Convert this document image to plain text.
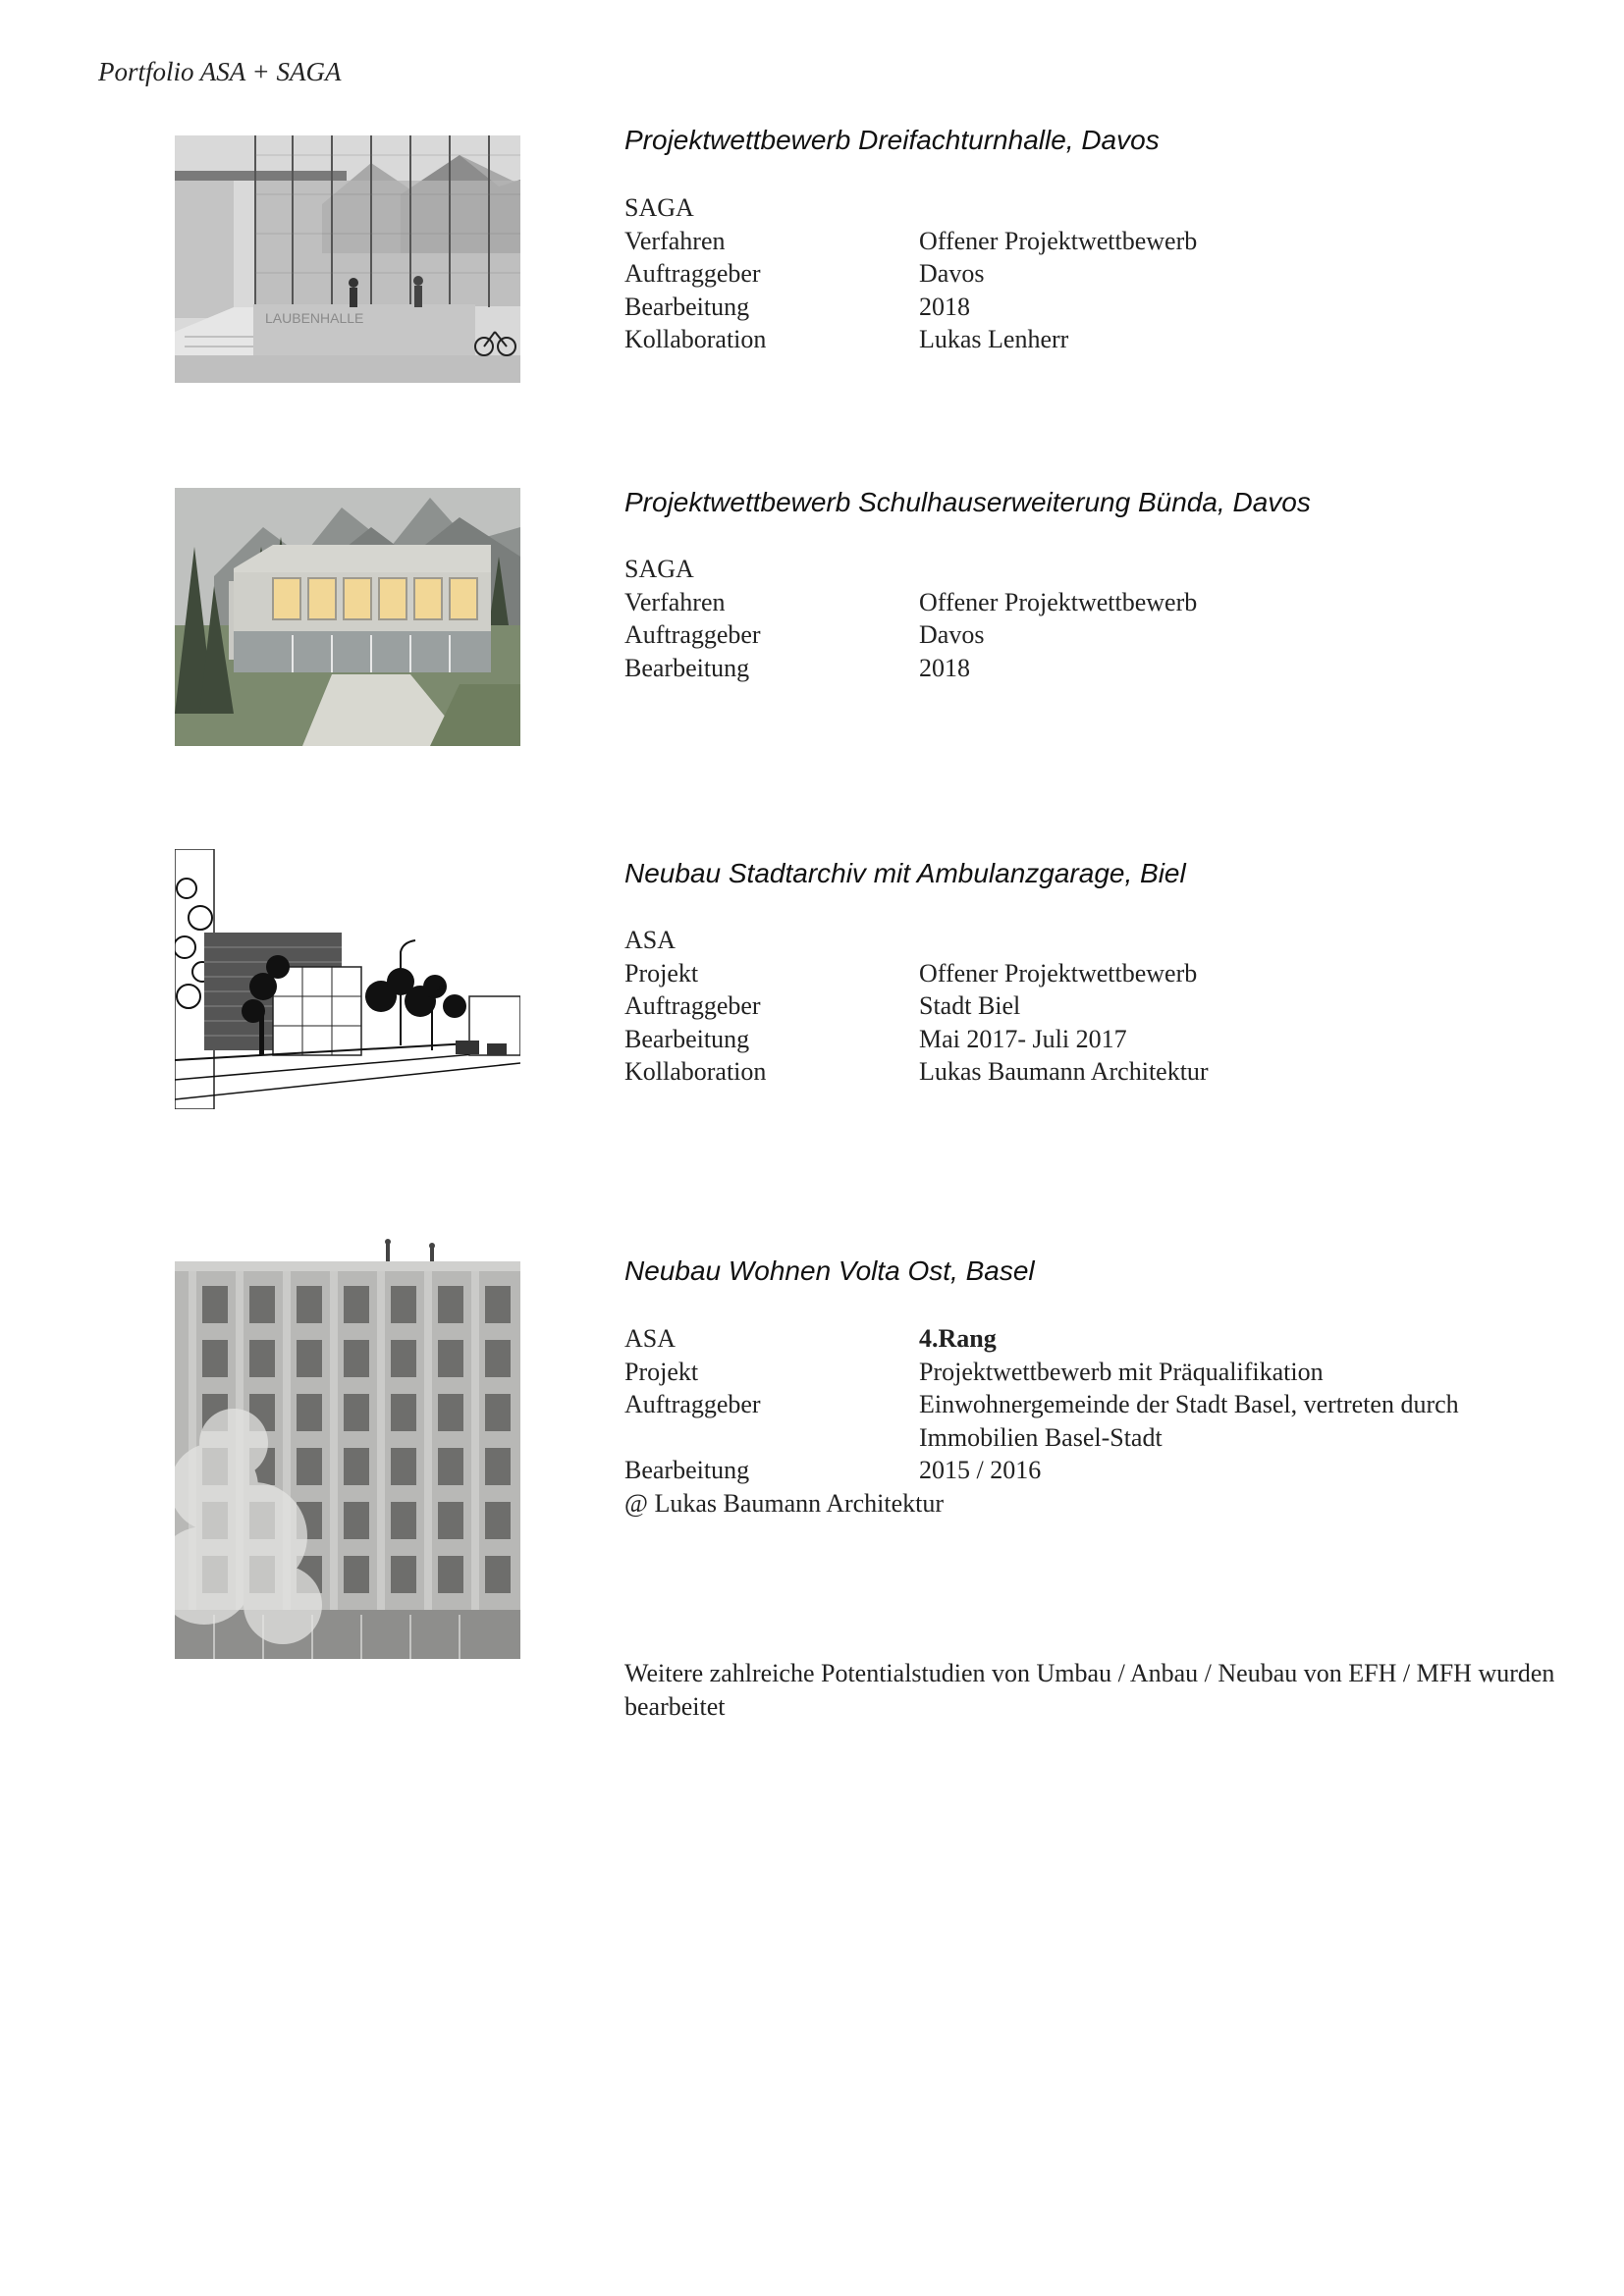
Portfolio ASA + SAGA
LAUBENHALLE
Projektwettbewerb Dreifachturnhalle, Davos
SAGA
Verfahren	Offener Projektwettbewerb
Auftraggeber	Davos
Bearbeitung	2018
Kollaboration	Lukas Lenherr
Projektwettbewerb Schulhauserweiterung Bünda, Davos
SAGA
Verfahren	Offener Projektwettbewerb
Auftraggeber	Davos
Bearbeitung	2018
Neubau Stadtarchiv mit Ambulanzgarage, Biel
ASA
Projekt	Offener Projektwettbewerb
Auftraggeber	Stadt Biel
Bearbeitung	Mai 2017- Juli 2017
Kollaboration	Lukas Baumann Architektur
Neubau Wohnen Volta Ost, Basel
ASA	4.Rang
Projekt	Projektwettbewerb mit Präqualifikation
Auftraggeber	Einwohnergemeinde der Stadt Basel, vertreten durch Immobilien Basel-Stadt
Bearbeitung	2015 / 2016
@ Lukas Baumann Architektur
Weitere zahlreiche Potentialstudien von Umbau / Anbau / Neubau von EFH / MFH wurden bearbeitet
